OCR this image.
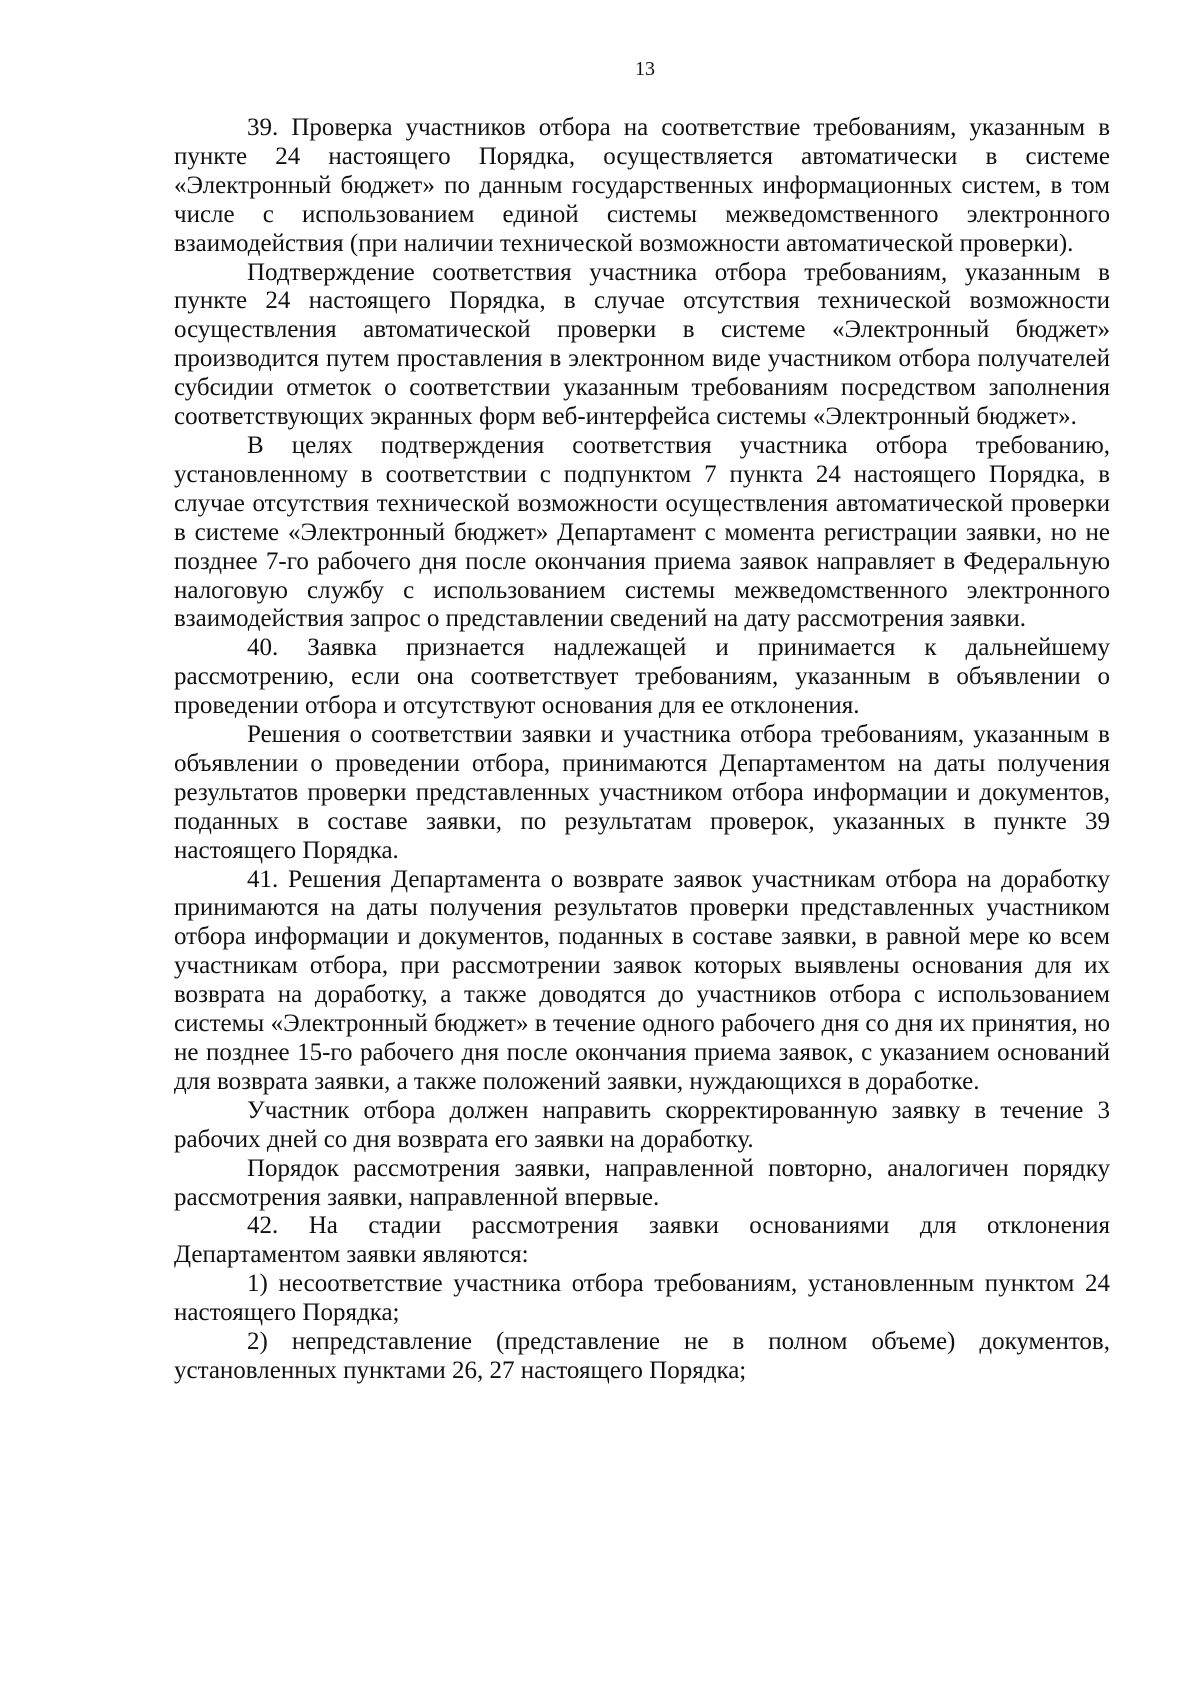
13

39. Проверка участников отбора на соответствие требованиям, указанным в пункте 24 настоящего Порядка, осуществляется автоматически в системе «Электронный бюджет» по данным государственных информационных систем, в том числе с использованием единой системы межведомственного электронного взаимодействия (при наличии технической возможности автоматической проверки).

Подтверждение соответствия участника отбора требованиям, указанным в пункте 24 настоящего Порядка, в случае отсутствия технической возможности осуществления автоматической проверки в системе «Электронный бюджет» производится путем проставления в электронном виде участником отбора получателей субсидии отметок о соответствии указанным требованиям посредством заполнения соответствующих экранных форм веб-интерфейса системы «Электронный бюджет».

В целях подтверждения соответствия участника отбора требованию, установленному в соответствии с подпунктом 7 пункта 24 настоящего Порядка, в случае отсутствия технической возможности осуществления автоматической проверки в системе «Электронный бюджет» Департамент с момента регистрации заявки, но не позднее 7-го рабочего дня после окончания приема заявок направляет в Федеральную налоговую службу с использованием системы межведомственного электронного взаимодействия запрос о представлении сведений на дату рассмотрения заявки.

40. Заявка признается надлежащей и принимается к дальнейшему рассмотрению, если она соответствует требованиям, указанным в объявлении о проведении отбора и отсутствуют основания для ее отклонения.

Решения о соответствии заявки и участника отбора требованиям, указанным в объявлении о проведении отбора, принимаются Департаментом на даты получения результатов проверки представленных участником отбора информации и документов, поданных в составе заявки, по результатам проверок, указанных в пункте 39 настоящего Порядка.

41. Решения Департамента о возврате заявок участникам отбора на доработку принимаются на даты получения результатов проверки представленных участником отбора информации и документов, поданных в составе заявки, в равной мере ко всем участникам отбора, при рассмотрении заявок которых выявлены основания для их возврата на доработку, а также доводятся до участников отбора с использованием системы «Электронный бюджет» в течение одного рабочего дня со дня их принятия, но не позднее 15-го рабочего дня после окончания приема заявок, с указанием оснований для возврата заявки, а также положений заявки, нуждающихся в доработке.

Участник отбора должен направить скорректированную заявку в течение 3 рабочих дней со дня возврата его заявки на доработку.

Порядок рассмотрения заявки, направленной повторно, аналогичен порядку рассмотрения заявки, направленной впервые.

42. На стадии рассмотрения заявки основаниями для отклонения Департаментом заявки являются:

1) несоответствие участника отбора требованиям, установленным пунктом 24 настоящего Порядка;

2) непредставление (представление не в полном объеме) документов, установленных пунктами 26, 27 настоящего Порядка;
